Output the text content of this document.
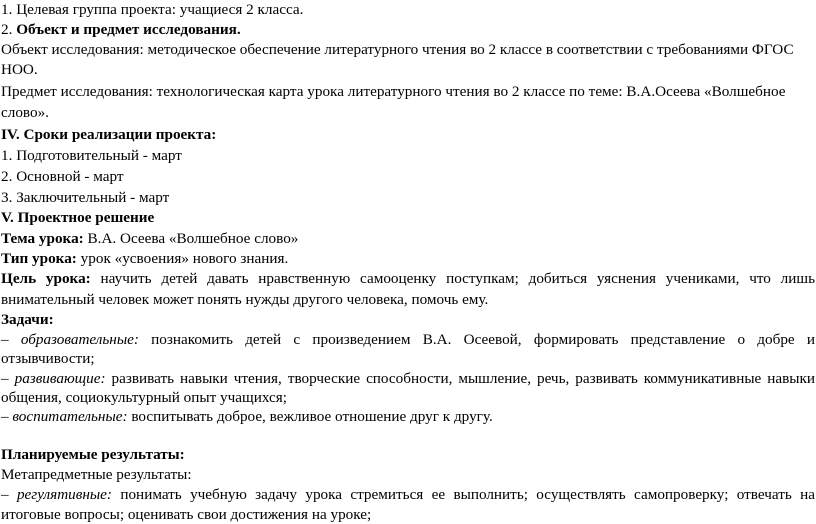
1. Целевая группа проекта: учащиеся 2 класса.
2. Объект и предмет исследования.
Объект исследования: методическое обеспечение литературного чтения во 2 классе в соответствии с требованиями ФГОС
НОО.
Предмет исследования: технологическая карта урока литературного чтения во 2 классе по теме: В.А.Осеева «Волшебное
слово».
IV. Сроки реализации проекта:
1. Подготовительный - март
2. Основной - март
3. Заключительный - март
V. Проектное решение
Тема урока: В.А. Осеева «Волшебное слово»
Тип урока: урок «усвоения» нового знания.
Цель урока: научить детей давать нравственную самооценку поступкам; добиться уяснения учениками, что лишь
внимательный человек может понять нужды другого человека, помочь ему.
Задачи:
– образовательные: познакомить детей с произведением В.А. Осеевой, формировать представление о добре и
отзывчивости;
– развивающие: развивать навыки чтения, творческие способности, мышление, речь, развивать коммуникативные навыки
общения, социокультурный опыт учащихся;
– воспитательные: воспитывать доброе, вежливое отношение друг к другу.
Планируемые результаты:
Метапредметные результаты:
– регулятивные: понимать учебную задачу урока стремиться ее выполнить; осуществлять самопроверку; отвечать на
итоговые вопросы; оценивать свои достижения на уроке;
